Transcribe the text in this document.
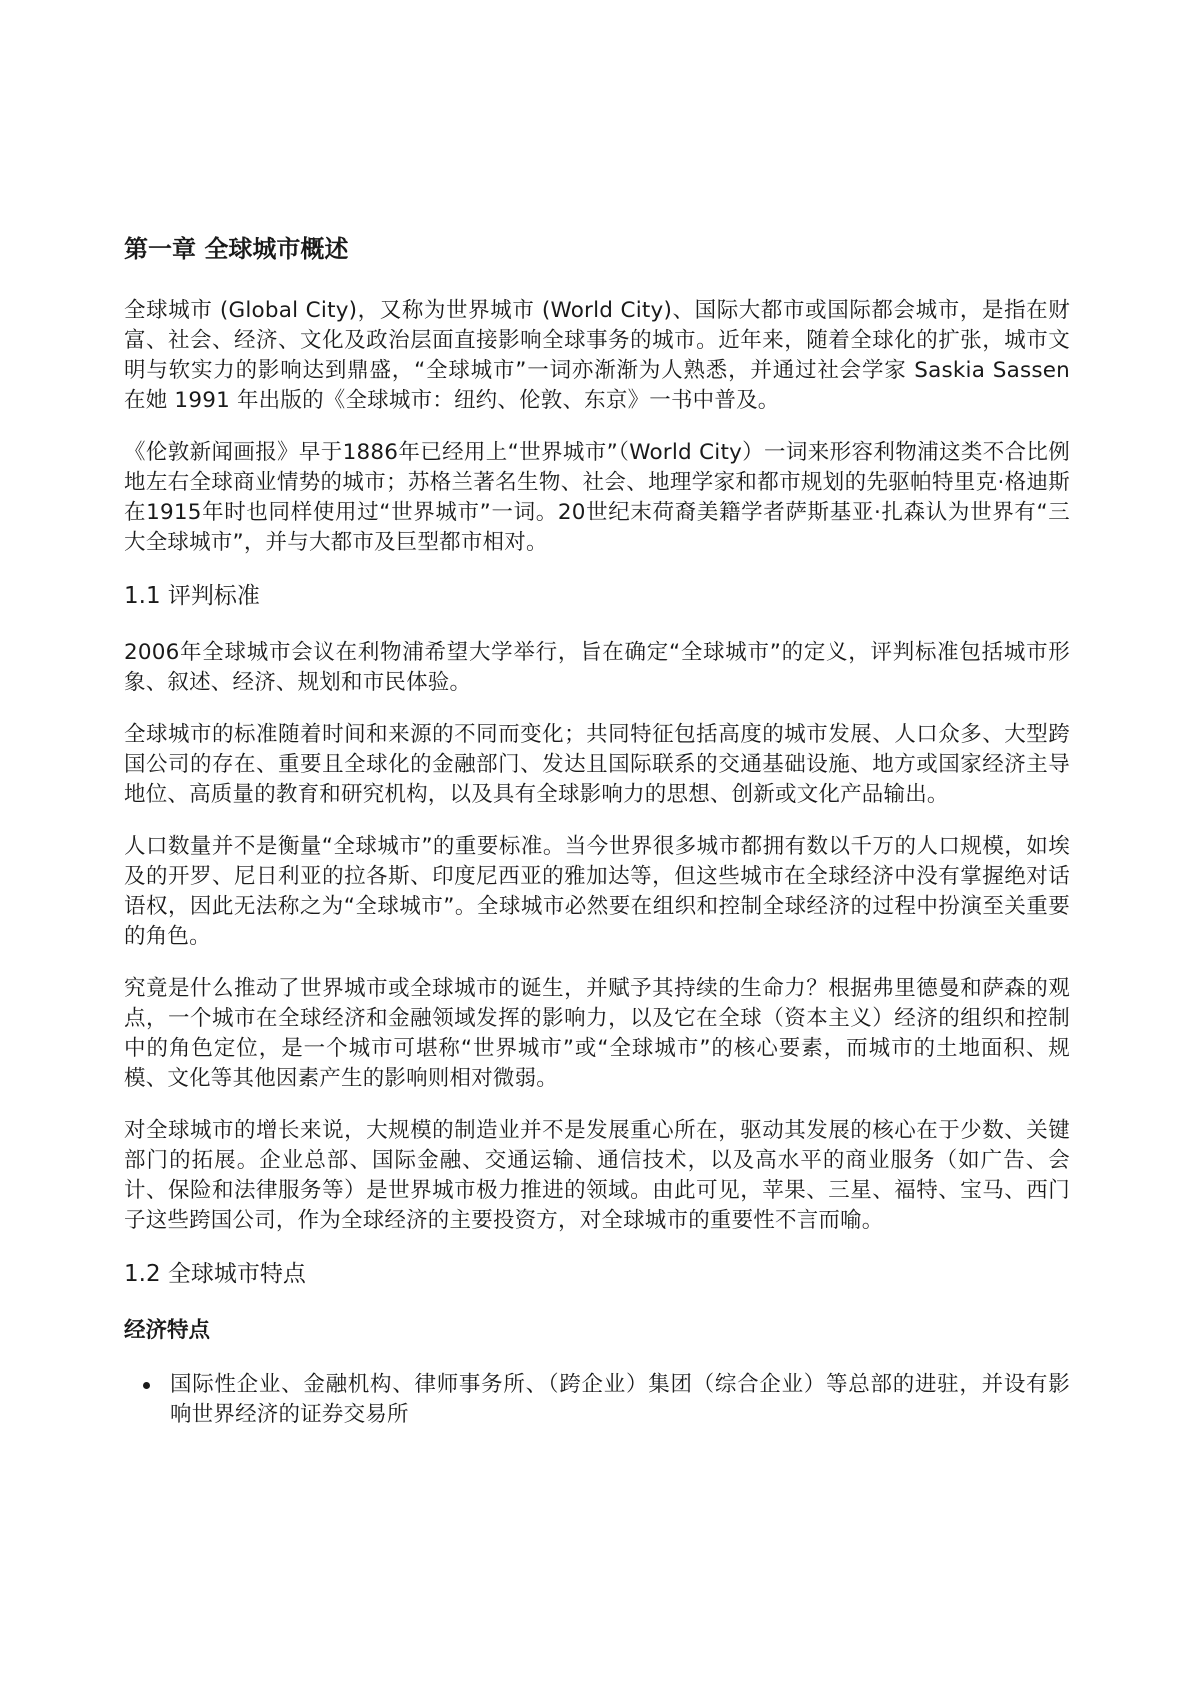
第一章 全球城市概述

全球城市 (Global City)，又称为世界城市 (World City)、国际大都市或国际都会城市，是指在财富、社会、经济、文化及政治层面直接影响全球事务的城市。近年来，随着全球化的扩张，城市文明与软实力的影响达到鼎盛，“全球城市”一词亦渐渐为人熟悉，并通过社会学家 Saskia Sassen 在她 1991 年出版的《全球城市：纽约、伦敦、东京》一书中普及。

《伦敦新闻画报》早于1886年已经用上“世界城市”（World City）一词来形容利物浦这类不合比例地左右全球商业情势的城市；苏格兰著名生物、社会、地理学家和都市规划的先驱帕特里克·格迪斯在1915年时也同样使用过“世界城市”一词。20世纪末荷裔美籍学者萨斯基亚·扎森认为世界有“三大全球城市”，并与大都市及巨型都市相对。

1.1 评判标准

2006年全球城市会议在利物浦希望大学举行，旨在确定“全球城市”的定义，评判标准包括城市形象、叙述、经济、规划和市民体验。

全球城市的标准随着时间和来源的不同而变化；共同特征包括高度的城市发展、人口众多、大型跨国公司的存在、重要且全球化的金融部门、发达且国际联系的交通基础设施、地方或国家经济主导地位、高质量的教育和研究机构，以及具有全球影响力的思想、创新或文化产品输出。

人口数量并不是衡量“全球城市”的重要标准。当今世界很多城市都拥有数以千万的人口规模，如埃及的开罗、尼日利亚的拉各斯、印度尼西亚的雅加达等，但这些城市在全球经济中没有掌握绝对话语权，因此无法称之为“全球城市”。全球城市必然要在组织和控制全球经济的过程中扮演至关重要的角色。

究竟是什么推动了世界城市或全球城市的诞生，并赋予其持续的生命力？根据弗里德曼和萨森的观点，一个城市在全球经济和金融领域发挥的影响力，以及它在全球（资本主义）经济的组织和控制中的角色定位，是一个城市可堪称“世界城市”或“全球城市”的核心要素，而城市的土地面积、规模、文化等其他因素产生的影响则相对微弱。

对全球城市的增长来说，大规模的制造业并不是发展重心所在，驱动其发展的核心在于少数、关键部门的拓展。企业总部、国际金融、交通运输、通信技术，以及高水平的商业服务（如广告、会计、保险和法律服务等）是世界城市极力推进的领域。由此可见，苹果、三星、福特、宝马、西门子这些跨国公司，作为全球经济的主要投资方，对全球城市的重要性不言而喻。

1.2 全球城市特点
经济特点
国际性企业、金融机构、律师事务所、（跨企业）集团（综合企业）等总部的进驻，并设有影响世界经济的证券交易所
